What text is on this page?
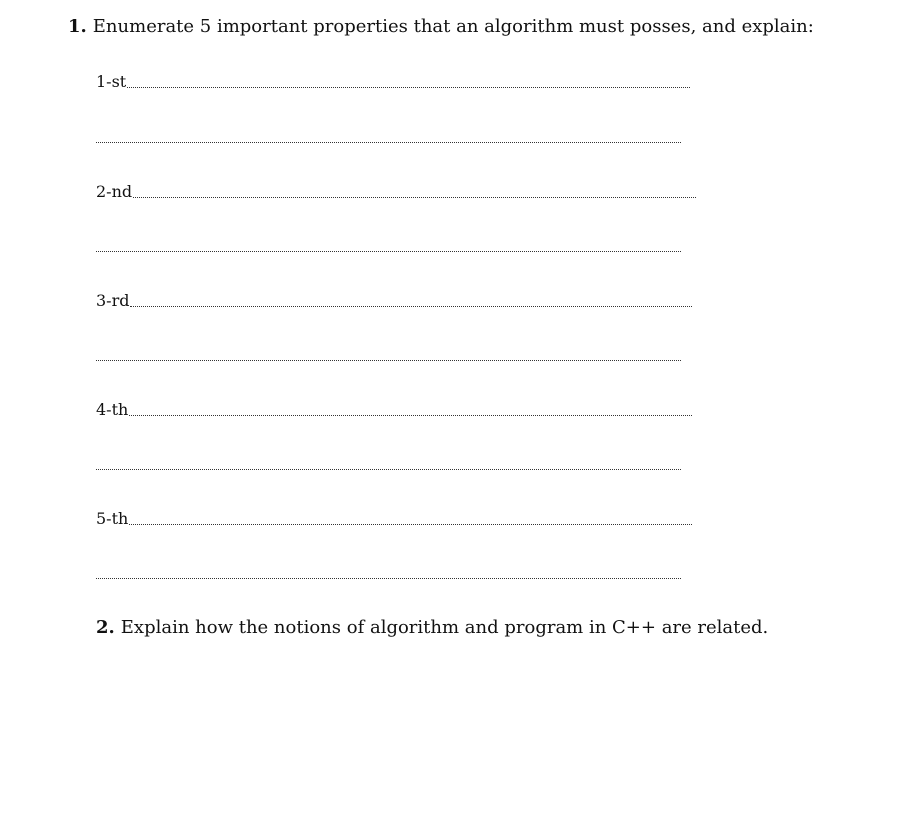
1. Enumerate 5 important properties that an algorithm must posses, and explain:
1-st
2-nd
3-rd
4-th
5-th
2. Explain how the notions of algorithm and program in C++ are related.
